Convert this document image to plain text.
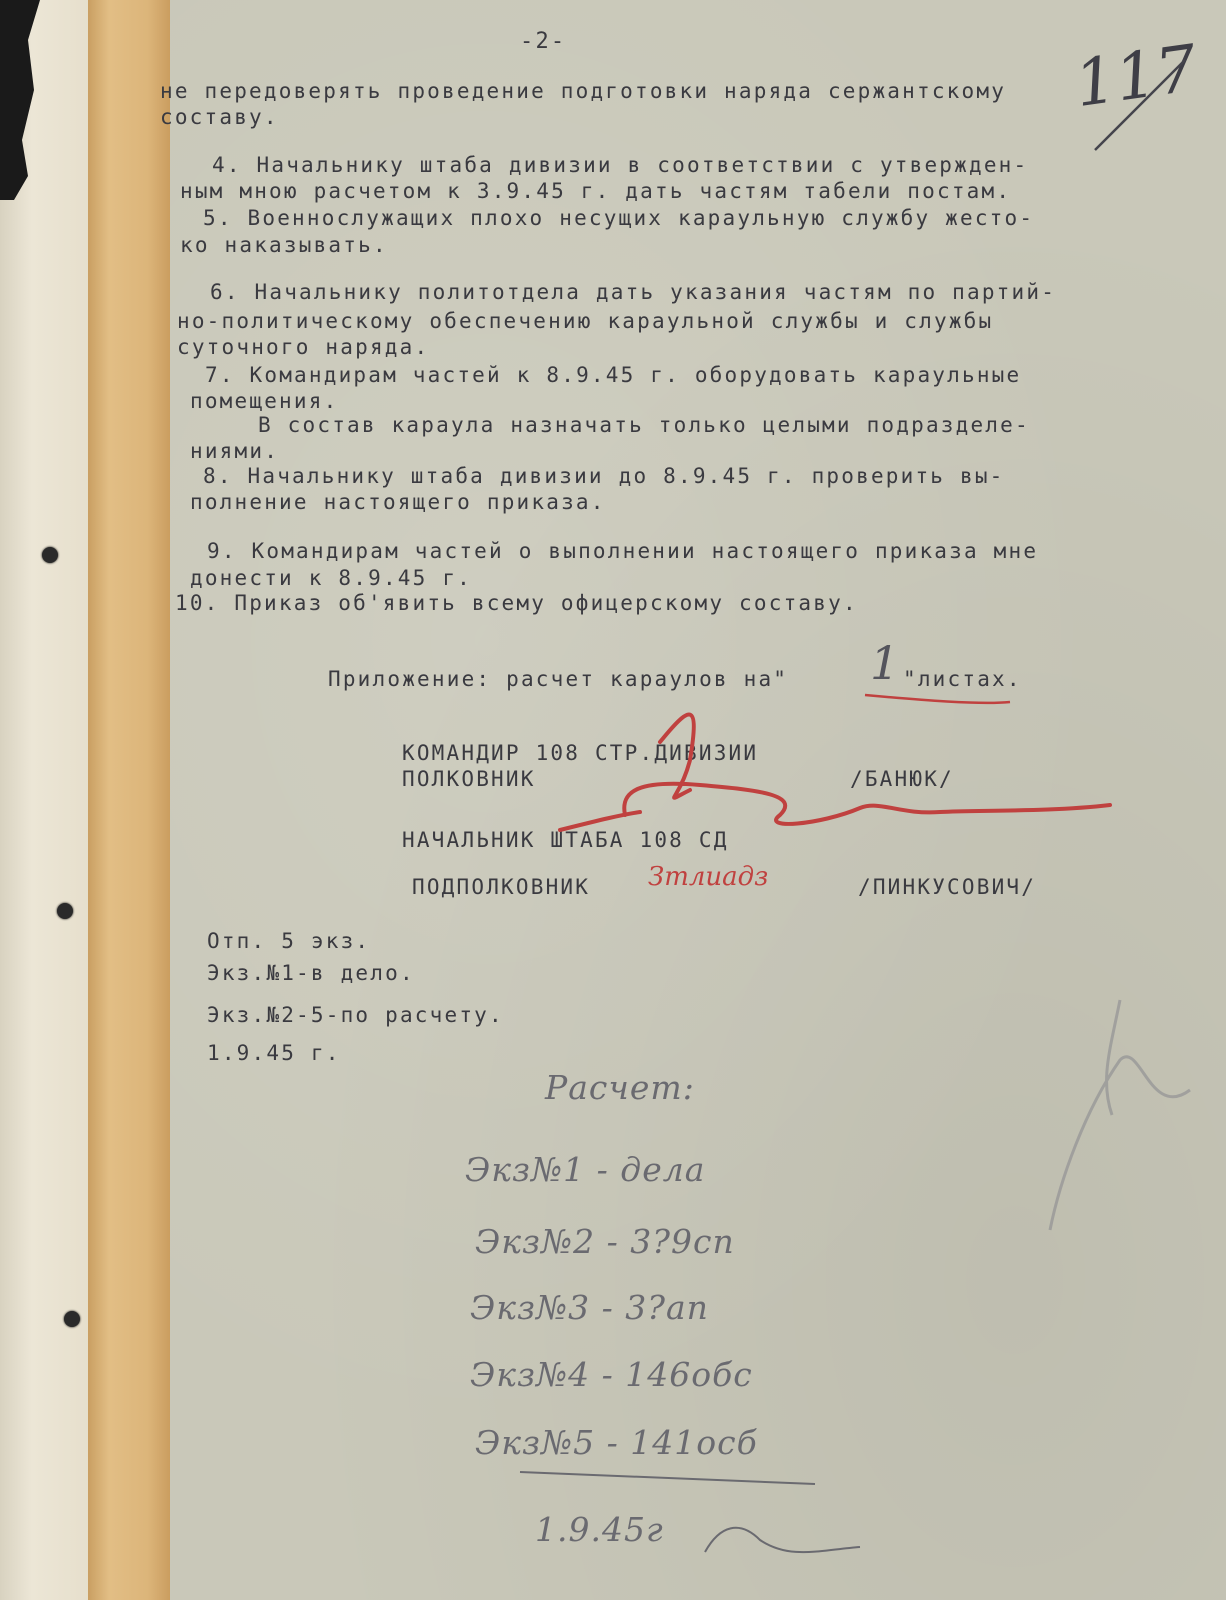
-2-

не передоверять проведение подготовки наряда сержантскому

составу.

4. Начальнику штаба дивизии в соответствии с утвержден-

ным мною расчетом к 3.9.45 г. дать частям табели постам.

5. Военнослужащих плохо несущих караульную службу жесто-

ко наказывать.

6. Начальнику политотдела дать указания частям по партий-

но-политическому обеспечению караульной службы и службы

суточного наряда.

7. Командирам частей к 8.9.45 г. оборудовать караульные

помещения.

В состав караула назначать только целыми подразделе-

ниями.

8. Начальнику штаба дивизии до 8.9.45 г. проверить вы-

полнение настоящего приказа.

9. Командирам частей о выполнении настоящего приказа мне

донести к 8.9.45 г.

10. Приказ об'явить всему офицерскому составу.

Приложение: расчет караулов на" 1 "листах.

КОМАНДИР 108 СТР.ДИВИЗИИ

ПОЛКОВНИК	/БАНЮК/

НАЧАЛЬНИК ШТАБА 108 СД

ПОДПОЛКОВНИК Зтлиадз	/ПИНКУСОВИЧ/

Отп. 5 экз.

Экз.№1-в дело.

Экз.№2-5-по расчету.

1.9.45 г.

Расчет:

Экз№1 - дела

Экз№2 - 3?9сп

Экз№3 - 3?ап

Экз№4 - 146обс

Экз№5 - 141осб

1.9.45г

117
